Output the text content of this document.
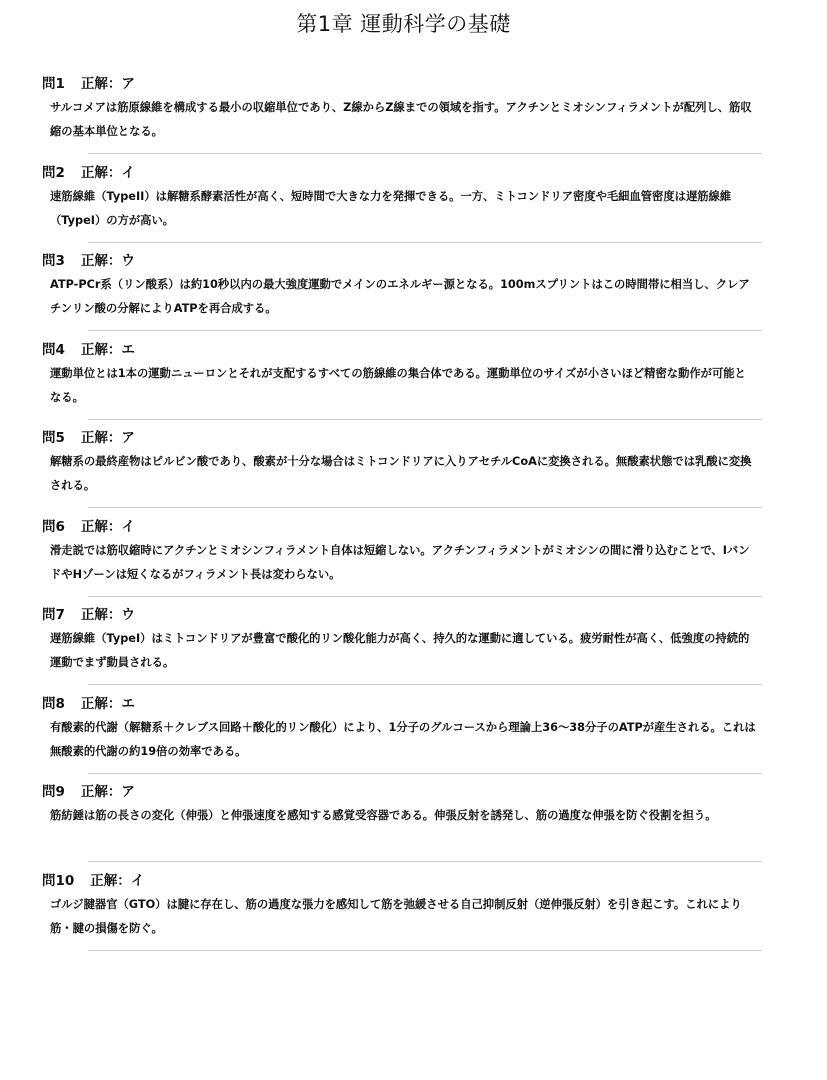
第1章 運動科学の基礎
問1 正解：ア
サルコメアは筋原線維を構成する最小の収縮単位であり、Z線からZ線までの領域を指す。アクチンとミオシンフィラメントが配列し、筋収縮の基本単位となる。
問2 正解：イ
速筋線維（TypeII）は解糖系酵素活性が高く、短時間で大きな力を発揮できる。一方、ミトコンドリア密度や毛細血管密度は遅筋線維（TypeI）の方が高い。
問3 正解：ウ
ATP-PCr系（リン酸系）は約10秒以内の最大強度運動でメインのエネルギー源となる。100mスプリントはこの時間帯に相当し、クレアチンリン酸の分解によりATPを再合成する。
問4 正解：エ
運動単位とは1本の運動ニューロンとそれが支配するすべての筋線維の集合体である。運動単位のサイズが小さいほど精密な動作が可能となる。
問5 正解：ア
解糖系の最終産物はピルビン酸であり、酸素が十分な場合はミトコンドリアに入りアセチルCoAに変換される。無酸素状態では乳酸に変換される。
問6 正解：イ
滑走説では筋収縮時にアクチンとミオシンフィラメント自体は短縮しない。アクチンフィラメントがミオシンの間に滑り込むことで、IバンドやHゾーンは短くなるがフィラメント長は変わらない。
問7 正解：ウ
遅筋線維（TypeI）はミトコンドリアが豊富で酸化的リン酸化能力が高く、持久的な運動に適している。疲労耐性が高く、低強度の持続的運動でまず動員される。
問8 正解：エ
有酸素的代謝（解糖系＋クレブス回路＋酸化的リン酸化）により、1分子のグルコースから理論上36〜38分子のATPが産生される。これは無酸素的代謝の約19倍の効率である。
問9 正解：ア
筋紡錘は筋の長さの変化（伸張）と伸張速度を感知する感覚受容器である。伸張反射を誘発し、筋の過度な伸張を防ぐ役割を担う。
問10 正解：イ
ゴルジ腱器官（GTO）は腱に存在し、筋の過度な張力を感知して筋を弛緩させる自己抑制反射（逆伸張反射）を引き起こす。これにより筋・腱の損傷を防ぐ。
